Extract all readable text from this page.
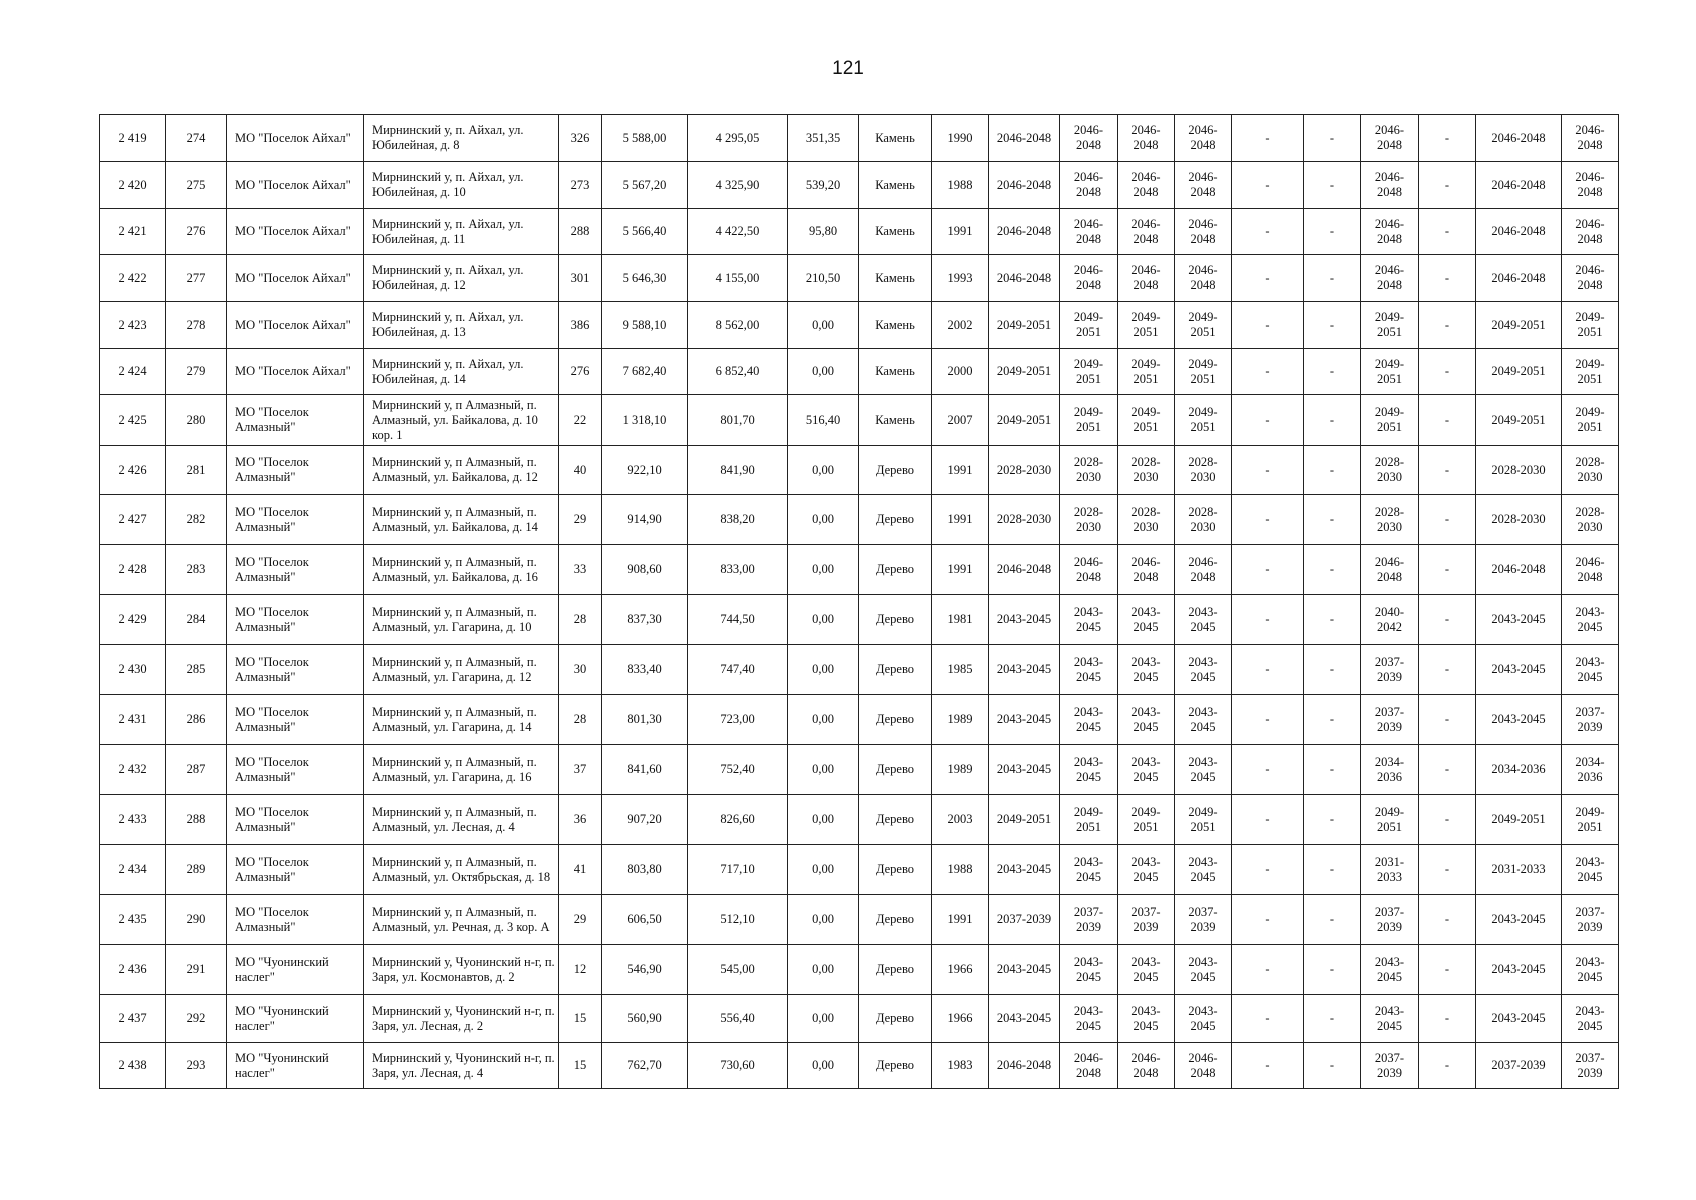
121
2 419	274	МО "Поселок Айхал"	Мирнинский у, п. Айхал, ул. Юбилейная, д. 8	326	5 588,00	4 295,05	351,35	Камень	1990	2046-2048	2046-2048	2046-2048	2046-2048	-	-	2046-2048	-	2046-2048	2046-2048
2 420	275	МО "Поселок Айхал"	Мирнинский у, п. Айхал, ул. Юбилейная, д. 10	273	5 567,20	4 325,90	539,20	Камень	1988	2046-2048	2046-2048	2046-2048	2046-2048	-	-	2046-2048	-	2046-2048	2046-2048
2 421	276	МО "Поселок Айхал"	Мирнинский у, п. Айхал, ул. Юбилейная, д. 11	288	5 566,40	4 422,50	95,80	Камень	1991	2046-2048	2046-2048	2046-2048	2046-2048	-	-	2046-2048	-	2046-2048	2046-2048
2 422	277	МО "Поселок Айхал"	Мирнинский у, п. Айхал, ул. Юбилейная, д. 12	301	5 646,30	4 155,00	210,50	Камень	1993	2046-2048	2046-2048	2046-2048	2046-2048	-	-	2046-2048	-	2046-2048	2046-2048
2 423	278	МО "Поселок Айхал"	Мирнинский у, п. Айхал, ул. Юбилейная, д. 13	386	9 588,10	8 562,00	0,00	Камень	2002	2049-2051	2049-2051	2049-2051	2049-2051	-	-	2049-2051	-	2049-2051	2049-2051
2 424	279	МО "Поселок Айхал"	Мирнинский у, п. Айхал, ул. Юбилейная, д. 14	276	7 682,40	6 852,40	0,00	Камень	2000	2049-2051	2049-2051	2049-2051	2049-2051	-	-	2049-2051	-	2049-2051	2049-2051
2 425	280	МО "Поселок Алмазный"	Мирнинский у, п Алмазный, п. Алмазный, ул. Байкалова, д. 10 кор. 1	22	1 318,10	801,70	516,40	Камень	2007	2049-2051	2049-2051	2049-2051	2049-2051	-	-	2049-2051	-	2049-2051	2049-2051
2 426	281	МО "Поселок Алмазный"	Мирнинский у, п Алмазный, п. Алмазный, ул. Байкалова, д. 12	40	922,10	841,90	0,00	Дерево	1991	2028-2030	2028-2030	2028-2030	2028-2030	-	-	2028-2030	-	2028-2030	2028-2030
2 427	282	МО "Поселок Алмазный"	Мирнинский у, п Алмазный, п. Алмазный, ул. Байкалова, д. 14	29	914,90	838,20	0,00	Дерево	1991	2028-2030	2028-2030	2028-2030	2028-2030	-	-	2028-2030	-	2028-2030	2028-2030
2 428	283	МО "Поселок Алмазный"	Мирнинский у, п Алмазный, п. Алмазный, ул. Байкалова, д. 16	33	908,60	833,00	0,00	Дерево	1991	2046-2048	2046-2048	2046-2048	2046-2048	-	-	2046-2048	-	2046-2048	2046-2048
2 429	284	МО "Поселок Алмазный"	Мирнинский у, п Алмазный, п. Алмазный, ул. Гагарина, д. 10	28	837,30	744,50	0,00	Дерево	1981	2043-2045	2043-2045	2043-2045	2043-2045	-	-	2040-2042	-	2043-2045	2043-2045
2 430	285	МО "Поселок Алмазный"	Мирнинский у, п Алмазный, п. Алмазный, ул. Гагарина, д. 12	30	833,40	747,40	0,00	Дерево	1985	2043-2045	2043-2045	2043-2045	2043-2045	-	-	2037-2039	-	2043-2045	2043-2045
2 431	286	МО "Поселок Алмазный"	Мирнинский у, п Алмазный, п. Алмазный, ул. Гагарина, д. 14	28	801,30	723,00	0,00	Дерево	1989	2043-2045	2043-2045	2043-2045	2043-2045	-	-	2037-2039	-	2043-2045	2037-2039
2 432	287	МО "Поселок Алмазный"	Мирнинский у, п Алмазный, п. Алмазный, ул. Гагарина, д. 16	37	841,60	752,40	0,00	Дерево	1989	2043-2045	2043-2045	2043-2045	2043-2045	-	-	2034-2036	-	2034-2036	2034-2036
2 433	288	МО "Поселок Алмазный"	Мирнинский у, п Алмазный, п. Алмазный, ул. Лесная, д. 4	36	907,20	826,60	0,00	Дерево	2003	2049-2051	2049-2051	2049-2051	2049-2051	-	-	2049-2051	-	2049-2051	2049-2051
2 434	289	МО "Поселок Алмазный"	Мирнинский у, п Алмазный, п. Алмазный, ул. Октябрьская, д. 18	41	803,80	717,10	0,00	Дерево	1988	2043-2045	2043-2045	2043-2045	2043-2045	-	-	2031-2033	-	2031-2033	2043-2045
2 435	290	МО "Поселок Алмазный"	Мирнинский у, п Алмазный, п. Алмазный, ул. Речная, д. 3 кор. А	29	606,50	512,10	0,00	Дерево	1991	2037-2039	2037-2039	2037-2039	2037-2039	-	-	2037-2039	-	2043-2045	2037-2039
2 436	291	МО "Чуонинский наслег"	Мирнинский у, Чуонинский н-г, п. Заря, ул. Космонавтов, д. 2	12	546,90	545,00	0,00	Дерево	1966	2043-2045	2043-2045	2043-2045	2043-2045	-	-	2043-2045	-	2043-2045	2043-2045
2 437	292	МО "Чуонинский наслег"	Мирнинский у, Чуонинский н-г, п. Заря, ул. Лесная, д. 2	15	560,90	556,40	0,00	Дерево	1966	2043-2045	2043-2045	2043-2045	2043-2045	-	-	2043-2045	-	2043-2045	2043-2045
2 438	293	МО "Чуонинский наслег"	Мирнинский у, Чуонинский н-г, п. Заря, ул. Лесная, д. 4	15	762,70	730,60	0,00	Дерево	1983	2046-2048	2046-2048	2046-2048	2046-2048	-	-	2037-2039	-	2037-2039	2037-2039
